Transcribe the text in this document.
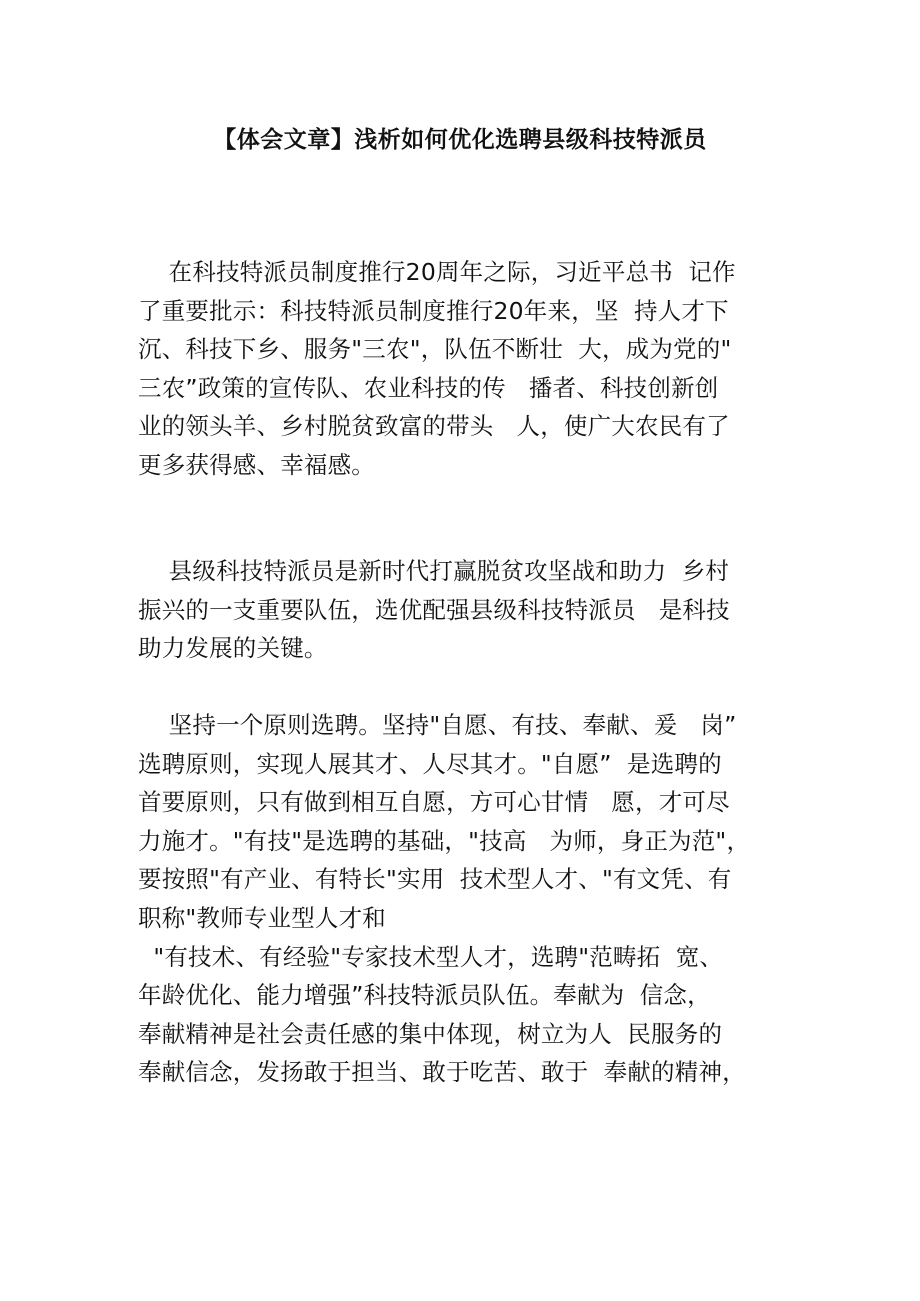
【体会文章】浅析如何优化选聘县级科技特派员
在科技特派员制度推行20周年之际，习近平总书  记作
了重要批示：科技特派员制度推行20年来，坚  持人才下
沉、科技下乡、服务"三农"，队伍不断壮  大，成为党的"
三农”政策的宣传队、农业科技的传   播者、科技创新创
业的领头羊、乡村脱贫致富的带头   人，使广大农民有了
更多获得感、幸福感。
县级科技特派员是新时代打赢脱贫攻坚战和助力  乡村
振兴的一支重要队伍，选优配强县级科技特派员   是科技
助力发展的关键。
坚持一个原则选聘。坚持"自愿、有技、奉献、爰   岗”
选聘原则，实现人展其才、人尽其才。"自愿”  是选聘的
首要原则，只有做到相互自愿，方可心甘情   愿，才可尽
力施才。"有技"是选聘的基础，"技高   为师，身正为范"，
要按照"有产业、有特长"实用  技术型人才、"有文凭、有
职称"教师专业型人才和
"有技术、有经验"专家技术型人才，选聘"范畴拓  宽、
年龄优化、能力增强”科技特派员队伍。奉献为  信念，
奉献精神是社会责任感的集中体现，树立为人  民服务的
奉献信念，发扬敢于担当、敢于吃苦、敢于  奉献的精神，
